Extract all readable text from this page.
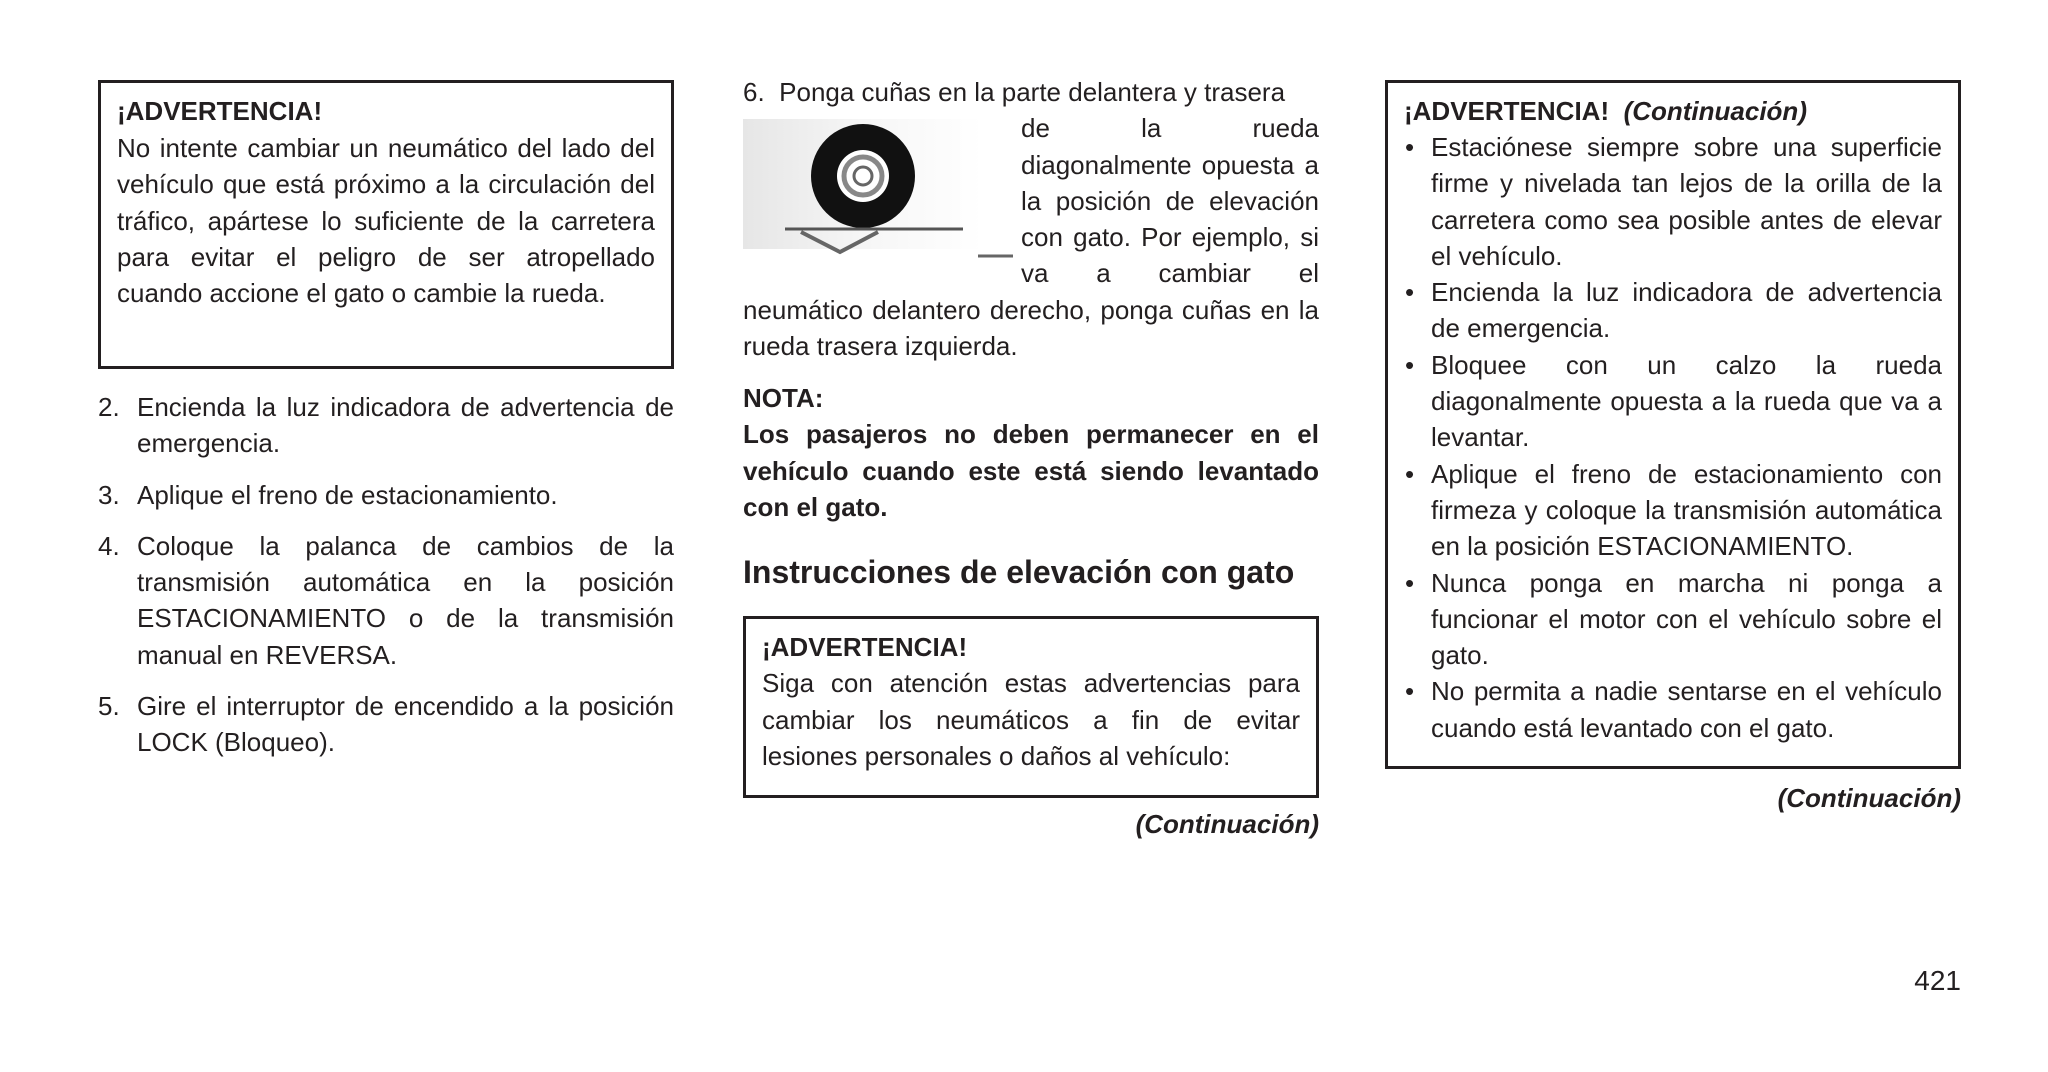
¡ADVERTENCIA!
No intente cambiar un neumático del lado del vehículo que está próximo a la circulación del tráfico, apártese lo suficiente de la carretera para evitar el peligro de ser atropellado cuando accione el gato o cambie la rueda.
2. Encienda la luz indicadora de advertencia de emergencia.
3. Aplique el freno de estacionamiento.
4. Coloque la palanca de cambios de la transmisión automática en la posición ESTACIONAMIENTO o de la transmisión manual en REVERSA.
5. Gire el interruptor de encendido a la posición LOCK (Bloqueo).
6. Ponga cuñas en la parte delantera y trasera
de la rueda diagonalmente opuesta a la posición de elevación con gato. Por ejemplo, si va a cambiar el neumático delantero derecho, ponga cuñas en la rueda trasera izquierda.
NOTA:
Los pasajeros no deben permanecer en el vehículo cuando este está siendo levantado con el gato.
Instrucciones de elevación con gato
¡ADVERTENCIA!
Siga con atención estas advertencias para cambiar los neumáticos a fin de evitar lesiones personales o daños al vehículo:
(Continuación)
¡ADVERTENCIA! (Continuación)
• Estaciónese siempre sobre una superficie firme y nivelada tan lejos de la orilla de la carretera como sea posible antes de elevar el vehículo.
• Encienda la luz indicadora de advertencia de emergencia.
• Bloquee con un calzo la rueda diagonalmente opuesta a la rueda que va a levantar.
• Aplique el freno de estacionamiento con firmeza y coloque la transmisión automática en la posición ESTACIONAMIENTO.
• Nunca ponga en marcha ni ponga a funcionar el motor con el vehículo sobre el gato.
• No permita a nadie sentarse en el vehículo cuando está levantado con el gato.
(Continuación)
421
